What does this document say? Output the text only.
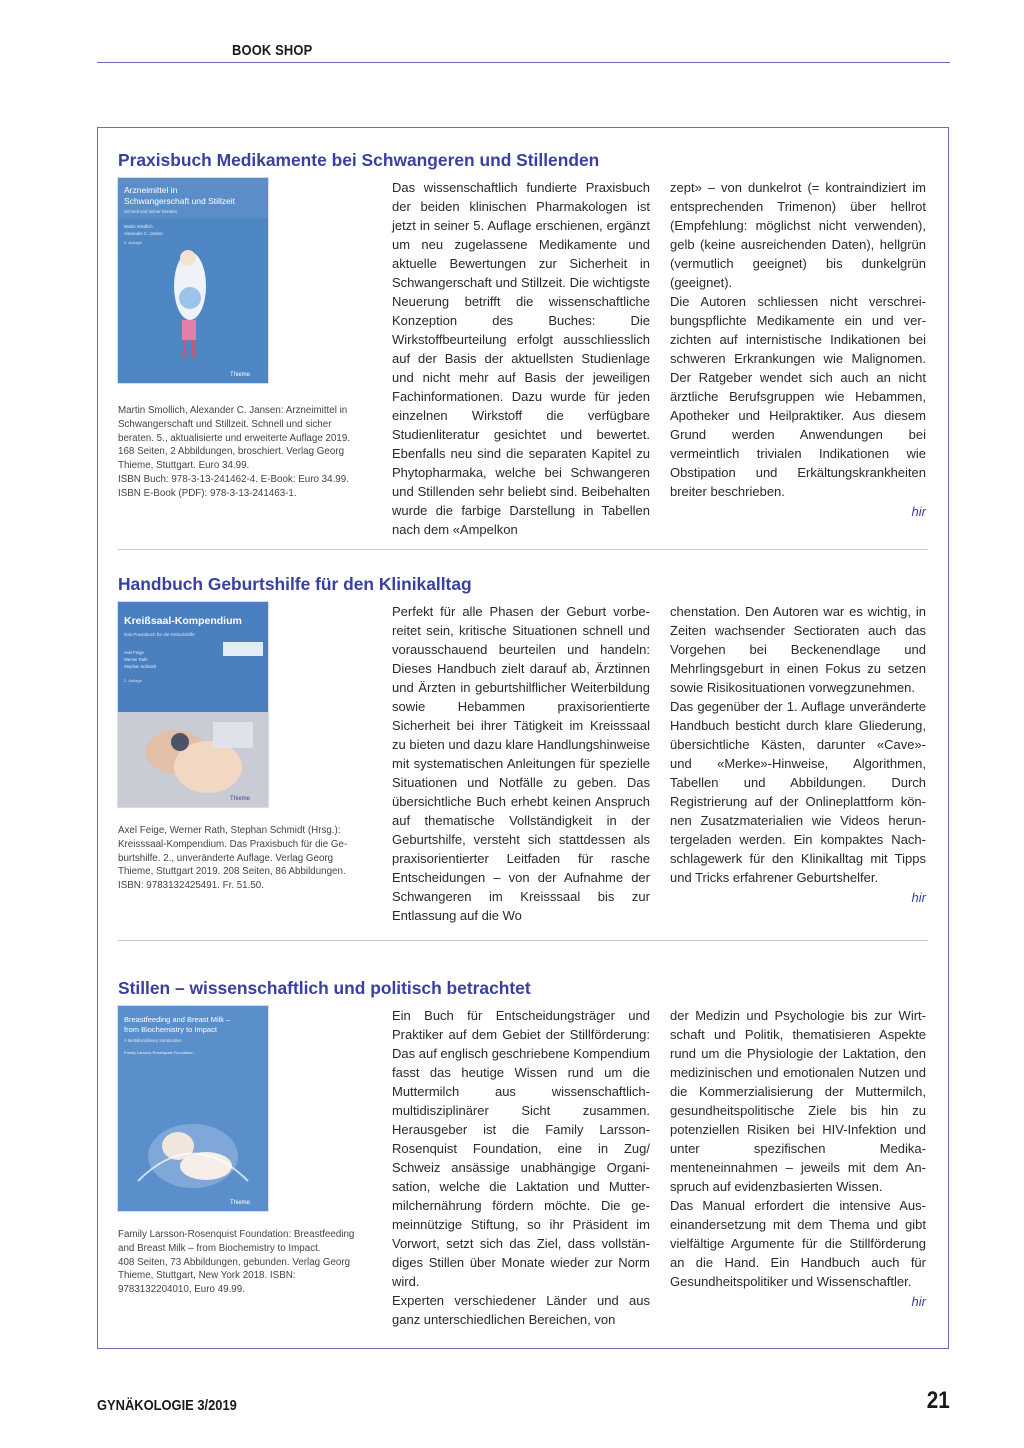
BOOK SHOP
Praxisbuch Medikamente bei Schwangeren und Stillenden
Arzneimittel in
Schwangerschaft und Stillzeit
Schnell und sicher beraten
Martin Smollich
Alexander C. Jansen
5. Auflage
Thieme

Martin Smollich, Alexander C. Jansen: Arzneimittel in Schwangerschaft und Stillzeit. Schnell und sicher beraten. 5., aktualisierte und erweiterte Auflage 2019.

168 Seiten, 2 Abbildungen, broschiert. Verlag Georg Thieme, Stuttgart. Euro 34.99.

ISBN Buch: 978-3-13-241462-4. E-Book: Euro 34.99. ISBN E-Book (PDF): 978-3-13-241463-1.

Das wissenschaftlich fundierte Praxisbuch der beiden klinischen Pharmakologen ist jetzt in seiner 5. Auflage erschienen, ergänzt um neu zugelassene Medikamente und aktuelle Bewertungen zur Sicherheit in Schwangerschaft und Stillzeit. Die wichtigste Neuerung betrifft die wissenschaftliche Konzeption des Buches: Die Wirkstoffbeurteilung erfolgt ausschliesslich auf der Basis der aktuellsten Studienlage und nicht mehr auf Basis der jeweiligen Fachinformationen. Dazu wurde für jeden einzelnen Wirkstoff die verfügbare Studienliteratur gesichtet und bewertet. Ebenfalls neu sind die separaten Kapitel zu Phytopharmaka, welche bei Schwangeren und Stillenden sehr beliebt sind. Beibehalten wurde die farbige Darstellung in Tabellen nach dem «Ampelkon

zept» – von dunkelrot (= kontraindiziert im entsprechenden Trimenon) über hellrot (Empfehlung: möglichst nicht verwenden), gelb (keine ausreichenden Daten), hellgrün (vermutlich geeignet) bis dunkelgrün (geeignet).

Die Autoren schliessen nicht verschreibungspflichte Medikamente ein und verzichten auf internistische Indikationen bei schweren Erkrankungen wie Malignomen. Der Ratgeber wendet sich auch an nicht ärztliche Berufsgruppen wie Hebammen, Apotheker und Heilpraktiker. Aus diesem Grund werden Anwendungen bei vermeintlich trivialen Indikationen wie Obstipation und Erkältungskrankheiten breiter beschrieben.

hir
Handbuch Geburtshilfe für den Klinikalltag
Kreißsaal-Kompendium
Das Praxisbuch für die Geburtshilfe
Axel Feige
Werner Rath
Stephan Schmidt
2. Auflage
Thieme

Axel Feige, Werner Rath, Stephan Schmidt (Hrsg.): Kreisssaal-Kompendium. Das Praxisbuch für die Geburtshilfe. 2., unveränderte Auflage. Verlag Georg Thieme, Stuttgart 2019. 208 Seiten, 86 Abbildungen. ISBN: 9783132425491. Fr. 51.50.

Perfekt für alle Phasen der Geburt vorbereitet sein, kritische Situationen schnell und vorausschauend beurteilen und handeln: Dieses Handbuch zielt darauf ab, Ärztinnen und Ärzten in geburtshilflicher Weiterbildung sowie Hebammen praxisorientierte Sicherheit bei ihrer Tätigkeit im Kreisssaal zu bieten und dazu klare Handlungshinweise mit systematischen Anleitungen für spezielle Situationen und Notfälle zu geben. Das übersichtliche Buch erhebt keinen Anspruch auf thematische Vollständigkeit in der Geburtshilfe, versteht sich stattdessen als praxisorientierter Leitfaden für rasche Entscheidungen – von der Aufnahme der Schwangeren im Kreisssaal bis zur Entlassung auf die Wo

chenstation. Den Autoren war es wichtig, in Zeiten wachsender Sectioraten auch das Vorgehen bei Beckenendlage und Mehrlingsgeburt in einen Fokus zu setzen sowie Risikosituationen vorwegzunehmen.

Das gegenüber der 1. Auflage unveränderte Handbuch besticht durch klare Gliederung, übersichtliche Kästen, darunter «Cave»- und «Merke»-Hinweise, Algorithmen, Tabellen und Abbildungen. Durch Registrierung auf der Onlineplattform können Zusatzmaterialien wie Videos heruntergeladen werden. Ein kompaktes Nachschlagewerk für den Klinikalltag mit Tipps und Tricks erfahrener Geburtshelfer.

hir
Stillen – wissenschaftlich und politisch betrachtet
Breastfeeding and Breast Milk –
from Biochemistry to Impact
A Multidisciplinary Introduction
Family Larsson-Rosenquist Foundation
Thieme

Family Larsson-Rosenquist Foundation: Breastfeeding and Breast Milk – from Biochemistry to Impact.

408 Seiten, 73 Abbildungen, gebunden. Verlag Georg Thieme, Stuttgart, New York 2018. ISBN: 9783132204010, Euro 49.99.

Ein Buch für Entscheidungsträger und Praktiker auf dem Gebiet der Stillförderung: Das auf englisch geschriebene Kompendium fasst das heutige Wissen rund um die Muttermilch aus wissenschaftlich-multidisziplinärer Sicht zusammen. Herausgeber ist die Family Larsson-Rosenquist Foundation, eine in Zug/ Schweiz ansässige unabhängige Organisation, welche die Laktation und Muttermilchernährung fördern möchte. Die gemeinnützige Stiftung, so ihr Präsident im Vorwort, setzt sich das Ziel, dass vollständiges Stillen über Monate wieder zur Norm wird.

Experten verschiedener Länder und aus ganz unterschiedlichen Bereichen, von

der Medizin und Psychologie bis zur Wirtschaft und Politik, thematisieren Aspekte rund um die Physiologie der Laktation, den medizinischen und emotionalen Nutzen und die Kommerzialisierung der Muttermilch, gesundheitspolitische Ziele bis hin zu potenziellen Risiken bei HIV-Infektion und unter spezifischen Medikamenteneinnahmen – jeweils mit dem Anspruch auf evidenzbasierten Wissen.

Das Manual erfordert die intensive Auseinandersetzung mit dem Thema und gibt vielfältige Argumente für die Stillförderung an die Hand. Ein Handbuch auch für Gesundheitspolitiker und Wissenschaftler.

hir
GYNÄKOLOGIE 3/2019	21
